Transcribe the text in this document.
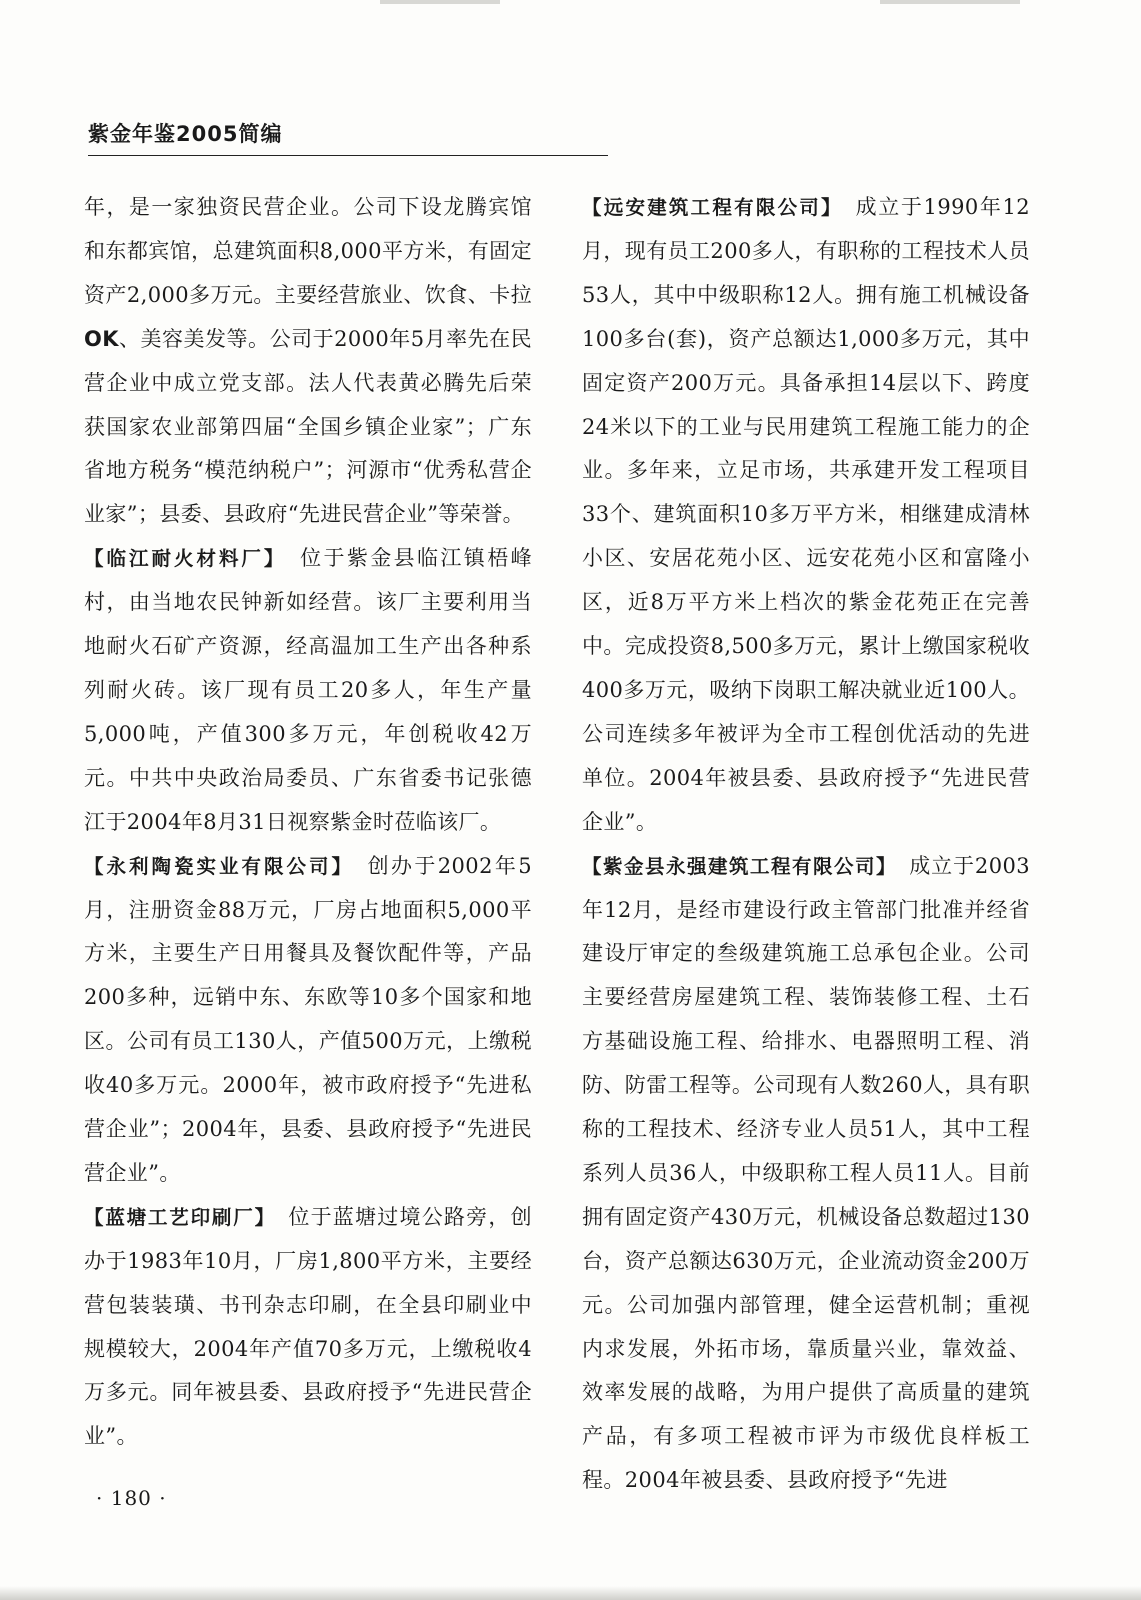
紫金年鉴2005简编

年，是一家独资民营企业。公司下设龙腾宾馆和东都宾馆，总建筑面积8,000平方米，有固定资产2,000多万元。主要经营旅业、饮食、卡拉OK、美容美发等。公司于2000年5月率先在民营企业中成立党支部。法人代表黄必腾先后荣获国家农业部第四届“全国乡镇企业家”；广东省地方税务“模范纳税户”；河源市“优秀私营企业家”；县委、县政府“先进民营企业”等荣誉。

【临江耐火材料厂】　位于紫金县临江镇梧峰村，由当地农民钟新如经营。该厂主要利用当地耐火石矿产资源，经高温加工生产出各种系列耐火砖。该厂现有员工20多人，年生产量5,000吨，产值300多万元，年创税收42万元。中共中央政治局委员、广东省委书记张德江于2004年8月31日视察紫金时莅临该厂。

【永利陶瓷实业有限公司】　创办于2002年5月，注册资金88万元，厂房占地面积5,000平方米，主要生产日用餐具及餐饮配件等，产品200多种，远销中东、东欧等10多个国家和地区。公司有员工130人，产值500万元，上缴税收40多万元。2000年，被市政府授予“先进私营企业”；2004年，县委、县政府授予“先进民营企业”。

【蓝塘工艺印刷厂】　位于蓝塘过境公路旁，创办于1983年10月，厂房1,800平方米，主要经营包装装璜、书刊杂志印刷，在全县印刷业中规模较大，2004年产值70多万元，上缴税收4万多元。同年被县委、县政府授予“先进民营企业”。

【远安建筑工程有限公司】　成立于1990年12月，现有员工200多人，有职称的工程技术人员53人，其中中级职称12人。拥有施工机械设备100多台(套)，资产总额达1,000多万元，其中固定资产200万元。具备承担14层以下、跨度24米以下的工业与民用建筑工程施工能力的企业。多年来，立足市场，共承建开发工程项目33个、建筑面积10多万平方米，相继建成清林小区、安居花苑小区、远安花苑小区和富隆小区，近8万平方米上档次的紫金花苑正在完善中。完成投资8,500多万元，累计上缴国家税收400多万元，吸纳下岗职工解决就业近100人。公司连续多年被评为全市工程创优活动的先进单位。2004年被县委、县政府授予“先进民营企业”。

【紫金县永强建筑工程有限公司】　成立于2003年12月，是经市建设行政主管部门批准并经省建设厅审定的叁级建筑施工总承包企业。公司主要经营房屋建筑工程、装饰装修工程、土石方基础设施工程、给排水、电器照明工程、消防、防雷工程等。公司现有人数260人，具有职称的工程技术、经济专业人员51人，其中工程系列人员36人，中级职称工程人员11人。目前拥有固定资产430万元，机械设备总数超过130台，资产总额达630万元，企业流动资金200万元。公司加强内部管理，健全运营机制；重视内求发展，外拓市场，靠质量兴业，靠效益、效率发展的战略，为用户提供了高质量的建筑产品，有多项工程被市评为市级优良样板工程。2004年被县委、县政府授予“先进

· 180 ·
